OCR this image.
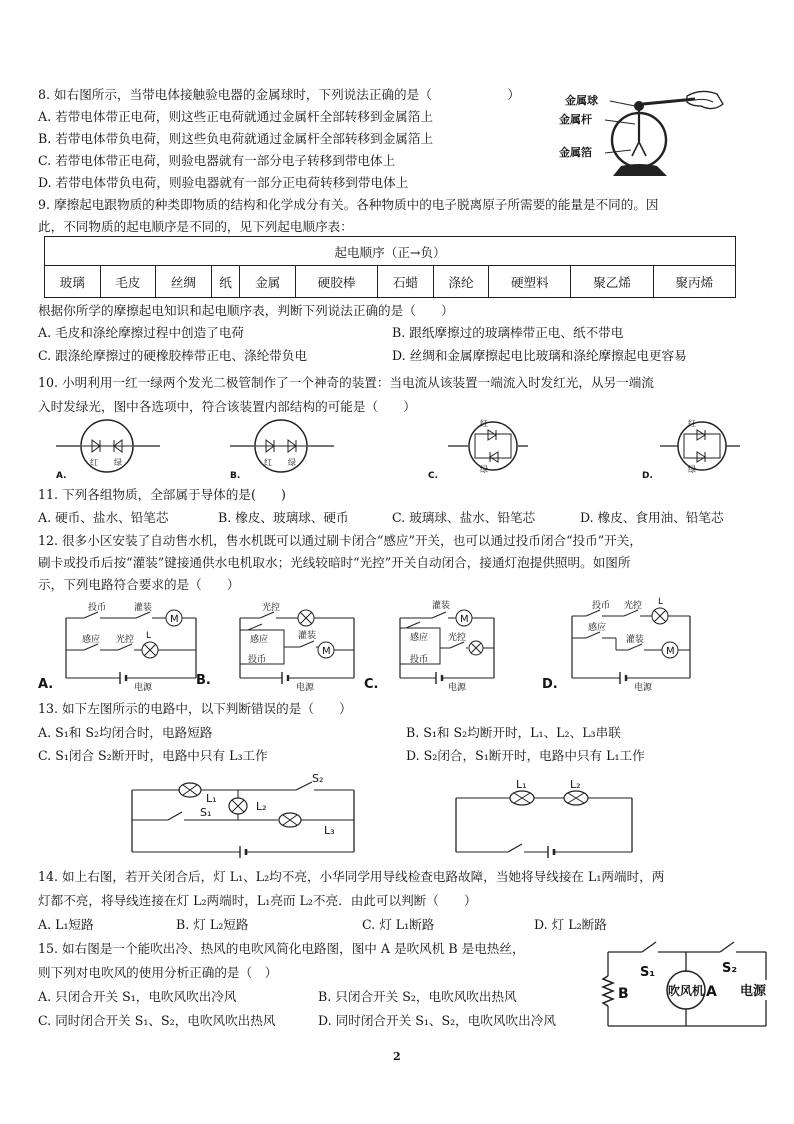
8. 如右图所示，当带电体接触验电器的金属球时，下列说法正确的是（　　　　　　）
A. 若带电体带正电荷，则这些正电荷就通过金属杆全部转移到金属箔上
B. 若带电体带负电荷，则这些负电荷就通过金属杆全部转移到金属箔上
C. 若带电体带正电荷，则验电器就有一部分电子转移到带电体上
D. 若带电体带负电荷，则验电器就有一部分正电荷转移到带电体上
金属球
金属杆
金属箔
9. 摩擦起电跟物质的种类即物质的结构和化学成分有关。各种物质中的电子脱离原子所需要的能量是不同的。因
此，不同物质的起电顺序是不同的，见下列起电顺序表：
起电顺序（正→负）
玻璃	毛皮	丝绸	纸	金属	硬胶棒	石蜡	涤纶	硬塑料	聚乙烯	聚丙烯
根据你所学的摩擦起电知识和起电顺序表，判断下列说法正确的是（　　）
A. 毛皮和涤纶摩擦过程中创造了电荷	B. 跟纸摩擦过的玻璃棒带正电、纸不带电
C. 跟涤纶摩擦过的硬橡胶棒带正电、涤纶带负电	D. 丝绸和金属摩擦起电比玻璃和涤纶摩擦起电更容易
10. 小明利用一红一绿两个发光二极管制作了一个神奇的装置：当电流从该装置一端流入时发红光，从另一端流
入时发绿光，图中各选项中，符合该装置内部结构的可能是（　　）
红 绿
A.
红 绿
B.
红
绿
C.
红
绿
D.
11. 下列各组物质，全部属于导体的是(　　)
A. 硬币、盐水、铅笔芯	B. 橡皮、玻璃球、硬币	C. 玻璃球、盐水、铅笔芯	D. 橡皮、食用油、铅笔芯
12. 很多小区安装了自动售水机，售水机既可以通过刷卡闭合“感应”开关，也可以通过投币闭合“投币”开关，
刷卡或投币后按“灌装”键接通供水电机取水；光线较暗时“光控”开关自动闭合，接通灯泡提供照明。如图所
示，下列电路符合要求的是（　　）
A.
M
投币	灌装
感应 光控 L
电源
光控
感应
投币
M
灌装
电源	C.
M
灌装
感应
投币
光控
电源	D.
投币 光控 L
感应
M
灌装
电源
B.
13. 如下左图所示的电路中，以下判断错误的是（　　）
A. S₁和 S₂均闭合时，电路短路	B. S₁和 S₂均断开时，L₁、L₂、L₃串联
C. S₁闭合 S₂断开时，电路中只有 L₃工作	D. S₂闭合，S₁断开时，电路中只有 L₁工作
S₂
L₁
L₂
S₁
L₃
L₁	L₂
14. 如上右图，若开关闭合后，灯 L₁、L₂均不亮，小华同学用导线检查电路故障，当她将导线接在 L₁两端时，两
灯都不亮，将导线连接在灯 L₂两端时，L₁亮而 L₂不亮．由此可以判断（　　）
A. L₁短路	B. 灯 L₂短路	C. 灯 L₁断路	D. 灯 L₂断路
15. 如右图是一个能吹出冷、热风的电吹风简化电路图，图中 A 是吹风机 B 是电热丝，
则下列对电吹风的使用分析正确的是（　）
A. 只闭合开关 S₁，电吹风吹出冷风	B. 只闭合开关 S₂，电吹风吹出热风
C. 同时闭合开关 S₁、S₂，电吹风吹出热风	D. 同时闭合开关 S₁、S₂，电吹风吹出冷风
S₁	S₂
B	吹风机 A 电源
2
